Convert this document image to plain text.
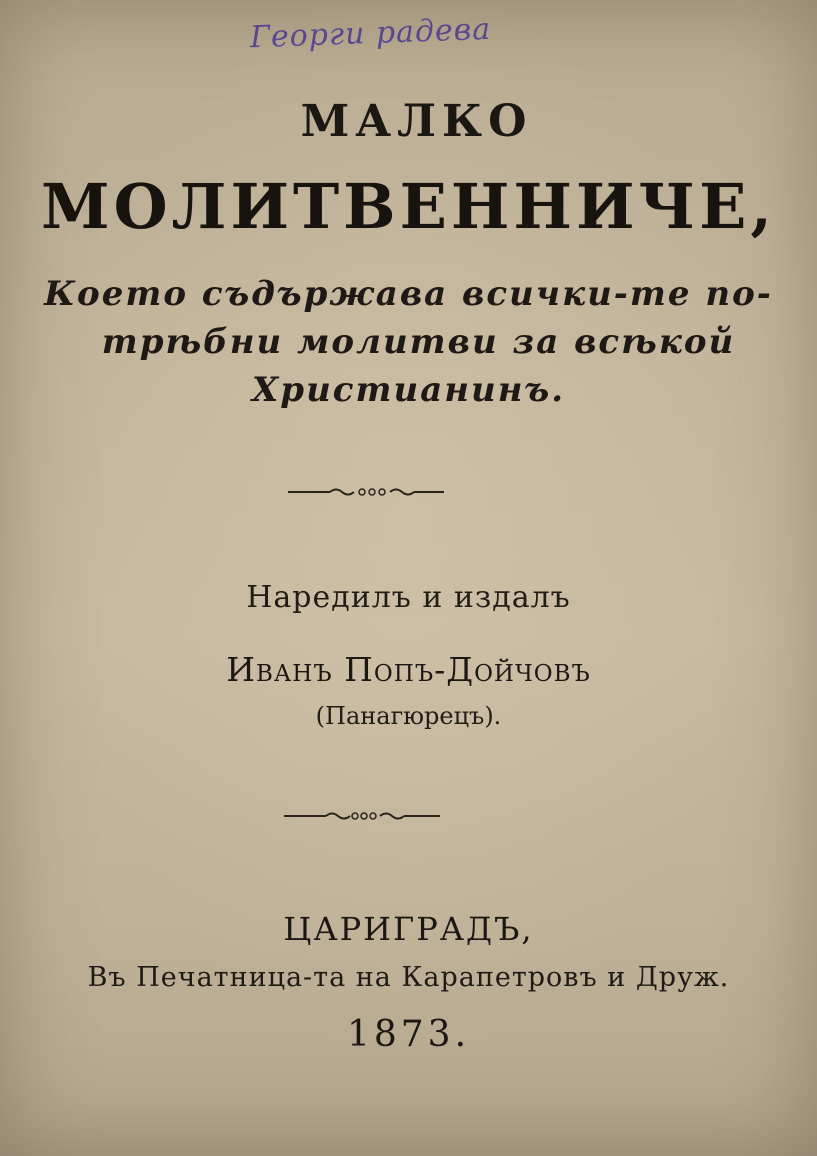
Георги радева
МАЛКО
МОЛИТВЕННИЧЕ,
Което съдържава всички-те по-
трѣбни молитви за всѣкой
Христианинъ.
Наредилъ и издалъ
Иванъ Попъ-Дойчовъ
(Панагюрецъ).
ЦАРИГРАДЪ,
Въ Печатница-та на Карапетровъ и Друж.
1873.
